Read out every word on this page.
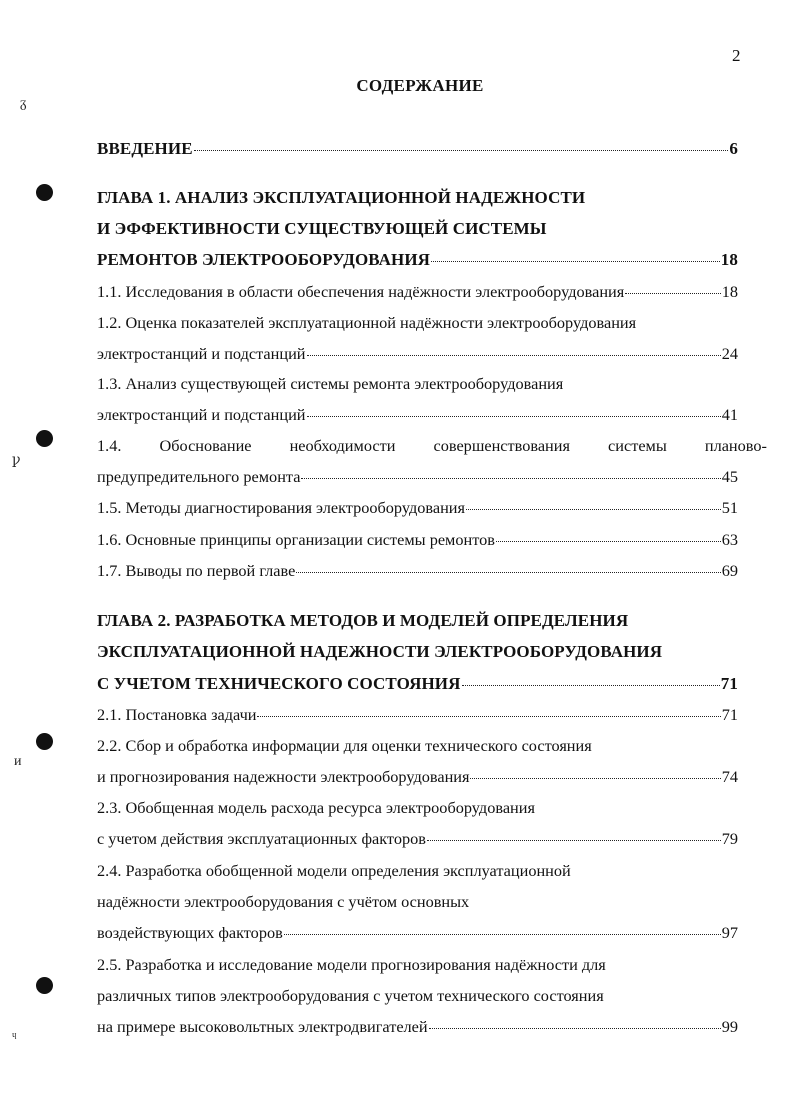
2
СОДЕРЖАНИЕ
ᵹ
ꝩ
ᴎ
ᶣ
ВВЕДЕНИЕ	6
ГЛАВА 1. АНАЛИЗ ЭКСПЛУАТАЦИОННОЙ НАДЕЖНОСТИ
И ЭФФЕКТИВНОСТИ СУЩЕСТВУЮЩЕЙ СИСТЕМЫ
РЕМОНТОВ ЭЛЕКТРООБОРУДОВАНИЯ	18
1.1. Исследования в области обеспечения надёжности электрооборудования	18
1.2. Оценка показателей эксплуатационной надёжности электрооборудования
электростанций и подстанций	24
1.3. Анализ существующей системы ремонта электрооборудования
электростанций и подстанций	41
1.4. Обоснование необходимости совершенствования системы планово-
предупредительного ремонта	45
1.5. Методы диагностирования электрооборудования	51
1.6. Основные принципы организации системы ремонтов	63
1.7. Выводы по первой главе	69
ГЛАВА 2. РАЗРАБОТКА МЕТОДОВ И МОДЕЛЕЙ ОПРЕДЕЛЕНИЯ
ЭКСПЛУАТАЦИОННОЙ НАДЕЖНОСТИ ЭЛЕКТРООБОРУДОВАНИЯ
С УЧЕТОМ ТЕХНИЧЕСКОГО СОСТОЯНИЯ	71
2.1. Постановка задачи	71
2.2. Сбор и обработка информации для оценки технического состояния
и прогнозирования надежности электрооборудования	74
2.3. Обобщенная модель расхода ресурса электрооборудования
с учетом действия эксплуатационных факторов	79
2.4. Разработка обобщенной модели определения эксплуатационной
надёжности электрооборудования с учётом основных
воздействующих факторов	97
2.5. Разработка и исследование модели прогнозирования надёжности для
различных типов электрооборудования с учетом технического состояния
на примере высоковольтных электродвигателей	99
